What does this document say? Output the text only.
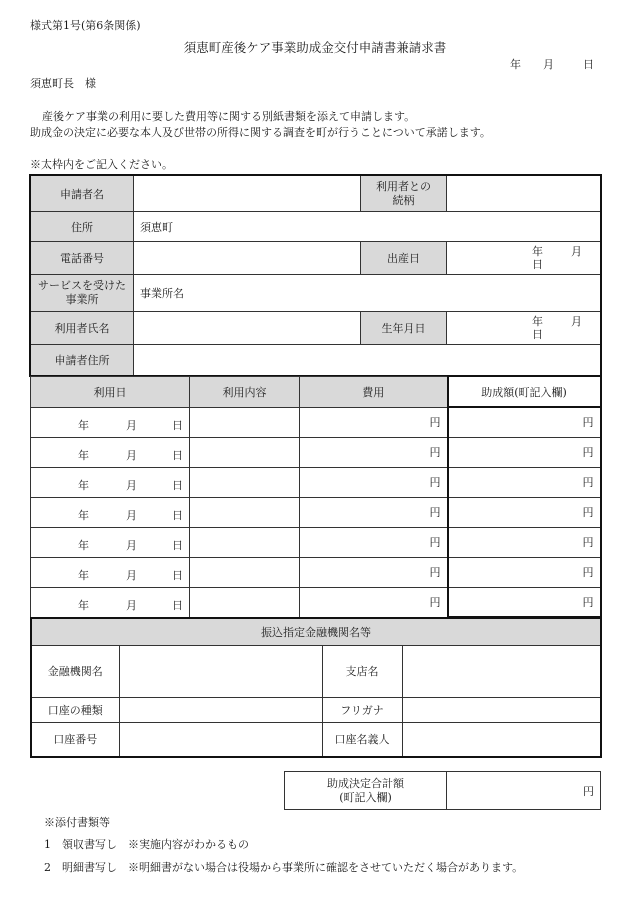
様式第1号(第6条関係)
須恵町産後ケア事業助成金交付申請書兼請求書
年 月	日
須恵町長　様
産後ケア事業の利用に要した費用等に関する別紙書類を添えて申請します。
助成金の決定に必要な本人及び世帯の所得に関する調査を町が行うことについて承諾します。
※太枠内をご記入ください。
申請者名		利用者との
続柄	
住所	須恵町		
電話番号		出産日	年 月
日
サービスを受けた
事業所	事業所名		
利用者氏名		生年月日	年 月
日
申請者住所			
利用日	利用内容	費用	助成額(町記入欄)

年 月 日		円	円

年 月 日		円	円

年 月 日		円	円

年 月 日		円	円

年 月 日		円	円

年 月 日		円	円

年 月 日		円	円
振込指定金融機関名等			
金融機関名		支店名	
口座の種類		フリガナ	
口座番号		口座名義人	
助成決定合計額
(町記入欄)	円
※添付書類等
1　領収書写し　※実施内容がわかるもの
2　明細書写し　※明細書がない場合は役場から事業所に確認をさせていただく場合があります。
